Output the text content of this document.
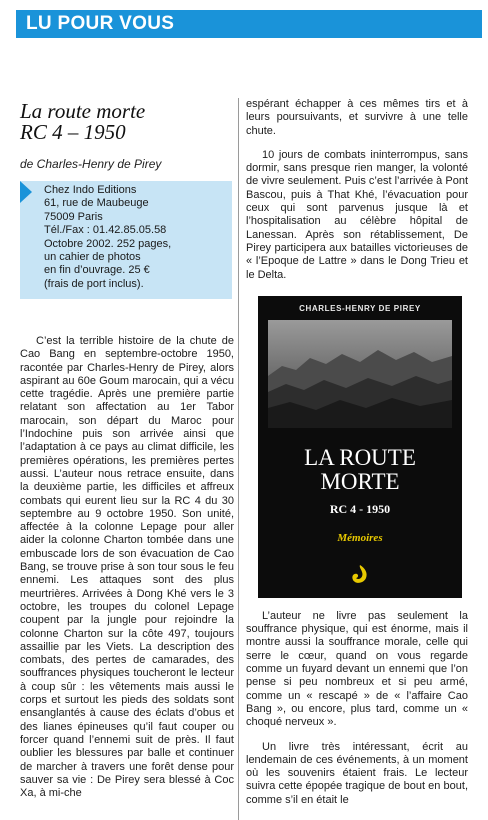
LU POUR VOUS
La route morte
RC 4 – 1950
de Charles-Henry de Pirey
Chez Indo Editions
61, rue de Maubeuge
75009 Paris
Tél./Fax : 01.42.85.05.58
Octobre 2002. 252 pages,
un cahier de photos
en fin d’ouvrage. 25 €
(frais de port inclus).

C’est la terrible histoire de la chute de Cao Bang en septembre-octobre 1950, racontée par Charles-Henry de Pirey, alors aspirant au 60e Goum marocain, qui a vécu cette tragédie. Après une première partie relatant son affectation au 1er Tabor marocain, son départ du Maroc pour l’Indochine puis son arrivée ainsi que l’adaptation à ce pays au climat difficile, les premières opérations, les premières pertes aussi. L’auteur nous retrace ensuite, dans la deuxième partie, les difficiles et affreux combats qui eurent lieu sur la RC 4 du 30 septembre au 9 octobre 1950. Son unité, affectée à la colonne Lepage pour aller aider la colonne Charton tombée dans une embuscade lors de son évacuation de Cao Bang, se trouve prise à son tour sous le feu ennemi. Les attaques sont des plus meurtrières. Arrivées à Dong Khé vers le 3 octobre, les troupes du colonel Lepage coupent par la jungle pour rejoindre la colonne Charton sur la côte 497, toujours assaillie par les Viets. La description des combats, des pertes de camarades, des souffrances physiques toucheront le lecteur à coup sûr : les vêtements mais aussi le corps et surtout les pieds des soldats sont ensanglantés à cause des éclats d’obus et des lianes épineuses qu’il faut couper ou forcer quand l’ennemi suit de près. Il faut oublier les blessures par balle et continuer de marcher à travers une forêt dense pour sauver sa vie : De Pirey sera blessé à Coc Xa, à mi-che

espérant échapper à ces mêmes tirs et à leurs poursuivants, et survivre à une telle chute.

10 jours de combats ininterrompus, sans dormir, sans presque rien manger, la volonté de vivre seulement. Puis c’est l’arrivée à Pont Bascou, puis à That Khé, l’évacuation pour ceux qui sont parvenus jusque là et l’hospitalisation au célèbre hôpital de Lanessan. Après son rétablissement, De Pirey participera aux batailles victorieuses de « l’Epoque de Lattre » dans le Dong Trieu et le Delta.

CHARLES-HENRY DE PIREY
LA ROUTE
MORTE
RC 4 - 1950
Mémoires

L’auteur ne livre pas seulement la souffrance physique, qui est énorme, mais il montre aussi la souffrance morale, celle qui serre le cœur, quand on vous regarde comme un fuyard devant un ennemi que l’on pense si peu nombreux et si peu armé, comme un « rescapé » de « l’affaire Cao Bang », ou encore, plus tard, comme un « choqué nerveux ».

Un livre très intéressant, écrit au lendemain de ces événements, à un moment où les souvenirs étaient frais. Le lecteur suivra cette épopée tragique de bout en bout, comme s’il en était le
